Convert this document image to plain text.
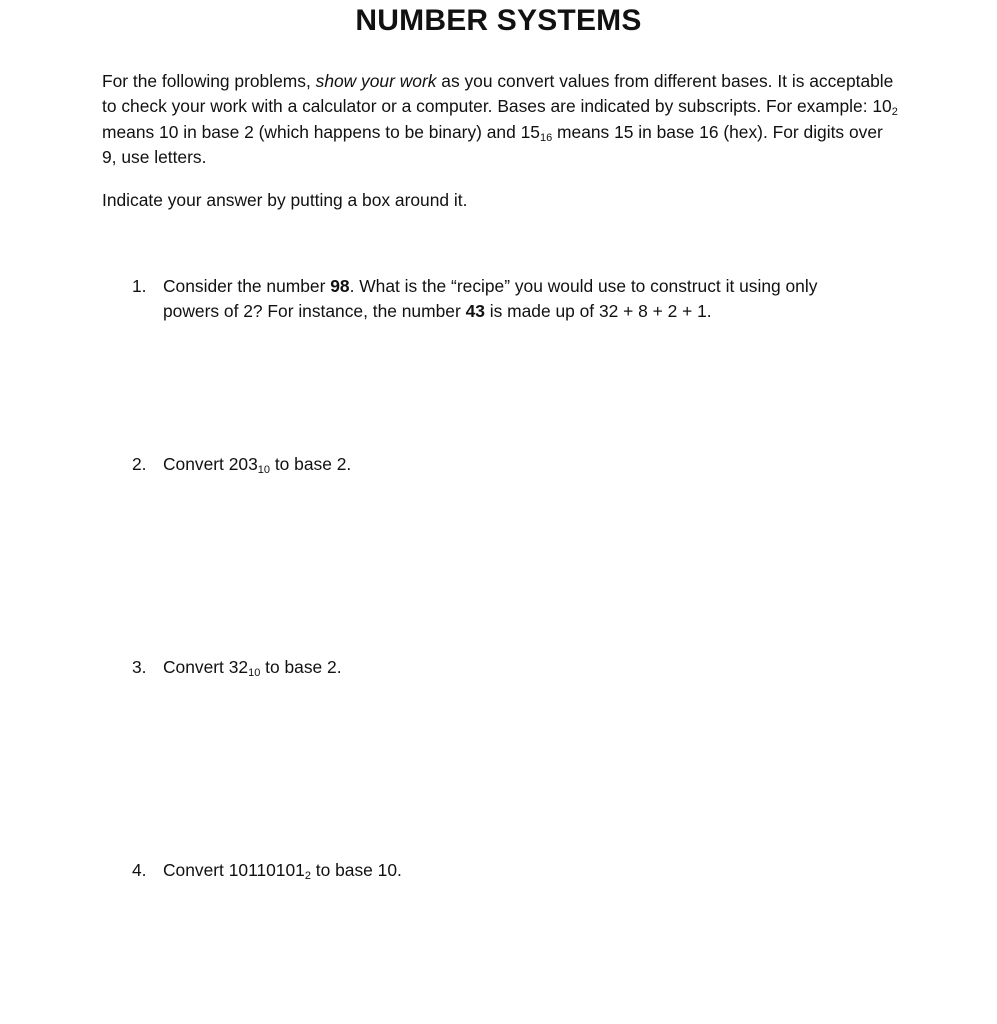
NUMBER SYSTEMS

For the following problems, show your work as you convert values from different bases. It is acceptable to check your work with a calculator or a computer. Bases are indicated by subscripts. For example: $10_2$ means 10 in base 2 (which happens to be binary) and $15_{16}$ means 15 in base 16 (hex). For digits over 9, use letters.

Indicate your answer by putting a box around it.

1. Consider the number 98. What is the “recipe” you would use to construct it using only powers of 2? For instance, the number 43 is made up of 32 + 8 + 2 + 1.
2. Convert $203_{10}$ to base 2.
3. Convert $32_{10}$ to base 2.
4. Convert $10110101_2$ to base 10.
